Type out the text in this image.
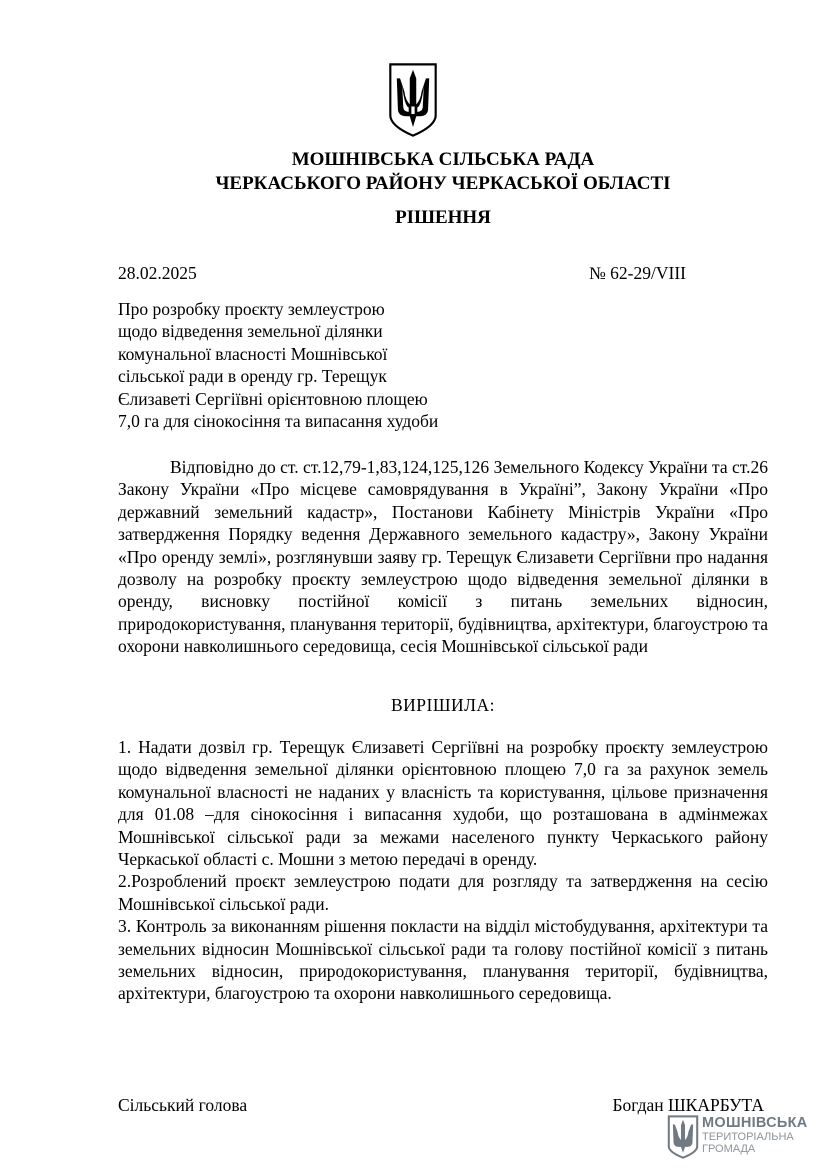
МОШНІВСЬКА СІЛЬСЬКА РАДА
ЧЕРКАСЬКОГО РАЙОНУ ЧЕРКАСЬКОЇ ОБЛАСТІ
РІШЕННЯ
28.02.2025	№ 62-29/VIII
Про розробку проєкту землеустрою
щодо відведення земельної ділянки
комунальної власності Мошнівської
сільської ради в оренду гр. Терещук
Єлизаветі Сергіївні орієнтовною площею
7,0 га для сінокосіння та випасання худоби
Відповідно до ст. ст.12,79-1,83,124,125,126 Земельного Кодексу України та ст.26 Закону України «Про місцеве самоврядування в Україні”, Закону України «Про державний земельний кадастр», Постанови Кабінету Міністрів України «Про затвердження Порядку ведення Державного земельного кадастру», Закону України «Про оренду землі», розглянувши заяву гр. Терещук Єлизавети Сергіївни про надання дозволу на розробку проєкту землеустрою щодо відведення земельної ділянки в оренду, висновку постійної комісії з питань земельних відносин, природокористування, планування території, будівництва, архітектури, благоустрою та охорони навколишнього середовища, сесія Мошнівської сільської ради
ВИРІШИЛА:

1. Надати дозвіл гр. Терещук Єлизаветі Сергіївні на розробку проєкту землеустрою щодо відведення земельної ділянки орієнтовною площею 7,0 га за рахунок земель комунальної власності не наданих у власність та користування, цільове призначення для 01.08 –для сінокосіння і випасання худоби, що розташована в адмінмежах Мошнівської сільської ради за межами населеного пункту Черкаського району Черкаської області с. Мошни з метою передачі в оренду.

2.Розроблений проєкт землеустрою подати для розгляду та затвердження на сесію Мошнівської сільської ради.

3. Контроль за виконанням рішення покласти на відділ містобудування, архітектури та земельних відносин Мошнівської сільської ради та голову постійної комісії з питань земельних відносин, природокористування, планування території, будівництва, архітектури, благоустрою та охорони навколишнього середовища.

Сільський голова	Богдан ШКАРБУТА
МОШНІВСЬКА
ТЕРИТОРІАЛЬНА
ГРОМАДА
